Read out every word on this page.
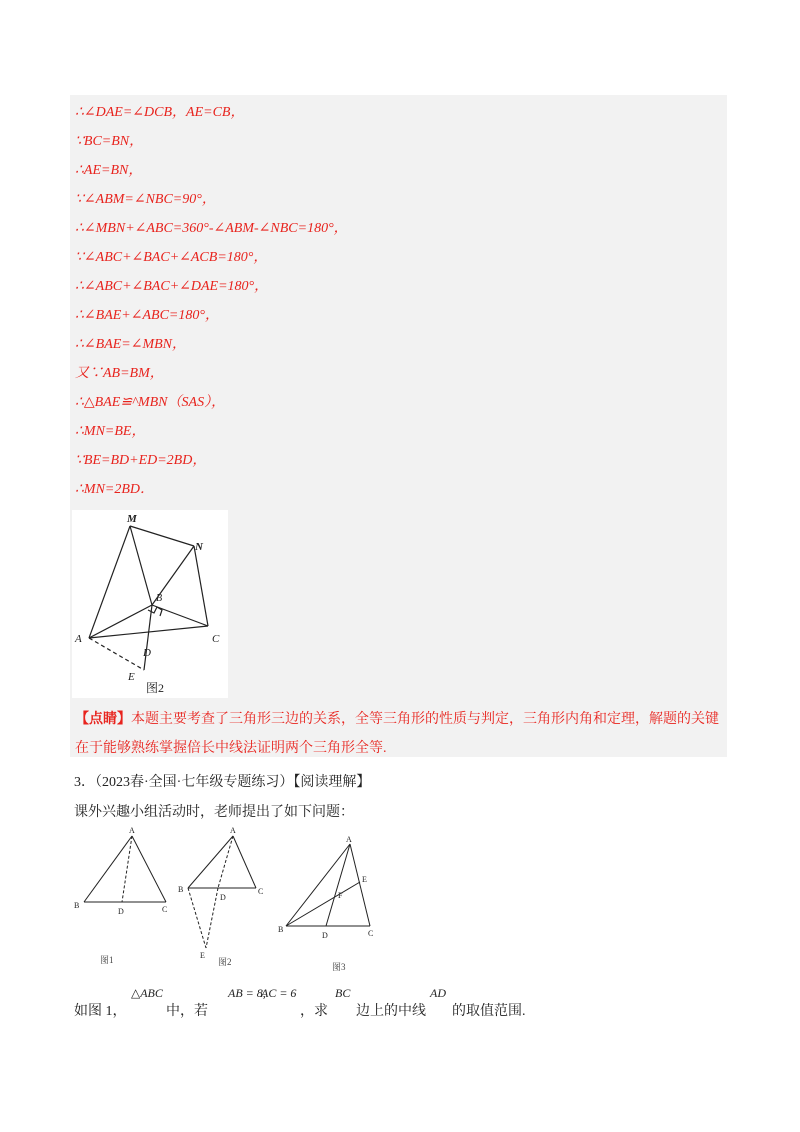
∴∠DAE=∠DCB，AE=CB，
∵BC=BN，
∴AE=BN，
∵∠ABM=∠NBC=90°，
∴∠MBN+∠ABC=360°-∠ABM-∠NBC=180°，
∵∠ABC+∠BAC+∠ACB=180°，
∴∠ABC+∠BAC+∠DAE=180°，
∴∠BAE+∠ABC=180°，
∴∠BAE=∠MBN，
又∵AB=BM，
∴△BAE≌^MBN（SAS），
∴MN=BE，
∵BE=BD+ED=2BD，
∴MN=2BD．
M
N
B
A	C
D
E
图2
【点睛】本题主要考查了三角形三边的关系，全等三角形的性质与判定，三角形内角和定理，解题的关键
在于能够熟练掌握倍长中线法证明两个三角形全等.
3．（2023春·全国·七年级专题练习）【阅读理解】
课外兴趣小组活动时，老师提出了如下问题：
A
B
D	C
图1
A
B
D
C
E
图2
A
E
F
B
D	C
图3
如图 1，
△ABC
中，若
AB = 8,
AC = 6
，求
BC
边上的中线
AD
的取值范围.
